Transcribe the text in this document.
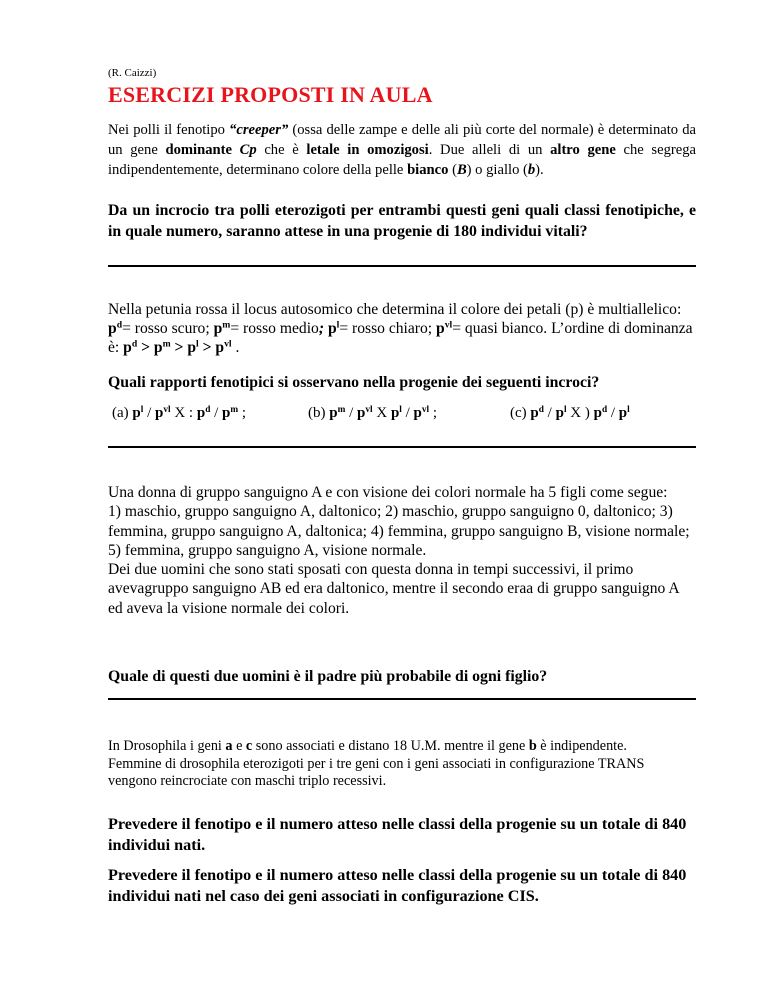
(R. Caizzi)
ESERCIZI PROPOSTI IN AULA

Nei polli il fenotipo “creeper” (ossa delle zampe e delle ali più corte del normale) è determinato da un gene dominante Cp che è letale in omozigosi. Due alleli di un altro gene che segrega indipendentemente, determinano colore della pelle bianco (B) o giallo (b).

Da un incrocio tra polli eterozigoti per entrambi questi geni quali classi fenotipiche, e in quale numero, saranno attese in una progenie di 180 individui vitali?

Nella petunia rossa il locus autosomico che determina il colore dei petali (p) è multiallelico: $p^d=$ rosso scuro; $p^m=$ rosso medio; $p^l=$ rosso chiaro; $p^{vl}=$ quasi bianco. L’ordine di dominanza è: $p^d > p^m > p^l > p^{vl}$ .

Quali rapporti fenotipici si osservano nella progenie dei seguenti incroci?

(a) $p^l / p^{vl}$ X : $p^d / p^m$ ;	(b) $p^m / p^{vl}$ X $p^l / p^{vl}$ ;	(c) $p^d / p^l$ X ) $p^d / p^l$

Una donna di gruppo sanguigno A e con visione dei colori normale ha 5 figli come segue:
1) maschio, gruppo sanguigno A, daltonico; 2) maschio, gruppo sanguigno 0, daltonico; 3) femmina, gruppo sanguigno A, daltonica; 4) femmina, gruppo sanguigno B, visione normale; 5) femmina, gruppo sanguigno A, visione normale.
Dei due uomini che sono stati sposati con questa donna in tempi successivi, il primo avevagruppo sanguigno AB ed era daltonico, mentre il secondo eraa di gruppo sanguigno A ed aveva la visione normale dei colori.

Quale di questi due uomini è il padre più probabile di ogni figlio?

In Drosophila i geni a e c sono associati e distano 18 U.M. mentre il gene b è indipendente.
Femmine di drosophila eterozigoti per i tre geni con i geni associati in configurazione TRANS vengono reincrociate con maschi triplo recessivi.

Prevedere il fenotipo e il numero atteso nelle classi della progenie su un totale di 840 individui nati.

Prevedere il fenotipo e il numero atteso nelle classi della progenie su un totale di 840 individui nati nel caso dei geni associati in configurazione CIS.
